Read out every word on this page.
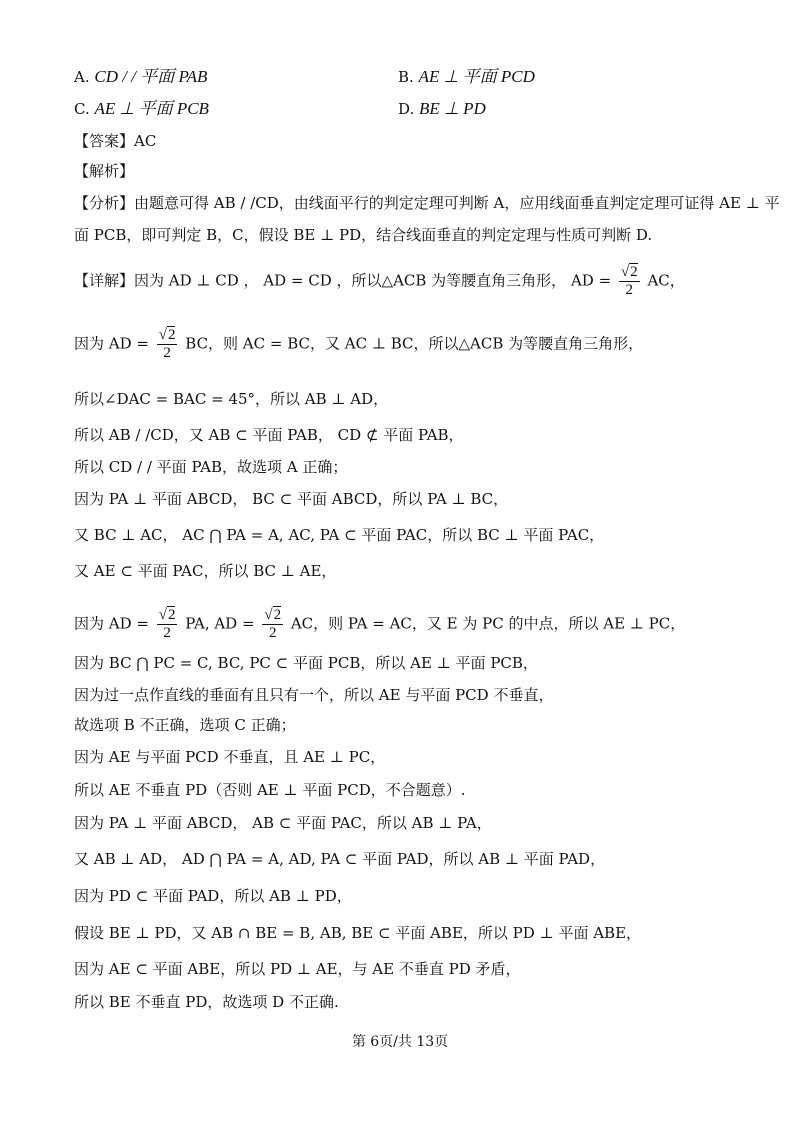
A. CD / / 平面 PAB	B. AE ⊥ 平面 PCD
C. AE ⊥ 平面 PCB	D. BE ⊥ PD
【答案】AC
【解析】
【分析】由题意可得 AB / /CD，由线面平行的判定定理可判断 A，应用线面垂直判定定理可证得 AE ⊥ 平
面 PCB，即可判定 B，C，假设 BE ⊥ PD，结合线面垂直的判定定理与性质可判断 D.
【详解】因为 AD ⊥ CD ， AD = CD ，所以△ACB 为等腰直角三角形， AD = $\frac{√2}{2}$ AC，
因为 AD = $\frac{√2}{2}$ BC，则 AC = BC，又 AC ⊥ BC，所以△ACB 为等腰直角三角形，
所以∠DAC = BAC = 45°，所以 AB ⊥ AD，
所以 AB / /CD，又 AB ⊂ 平面 PAB， CD ⊄ 平面 PAB，
所以 CD / / 平面 PAB，故选项 A 正确；
因为 PA ⊥ 平面 ABCD， BC ⊂ 平面 ABCD，所以 PA ⊥ BC，
又 BC ⊥ AC， AC ⋂ PA = A, AC, PA ⊂ 平面 PAC，所以 BC ⊥ 平面 PAC，
又 AE ⊂ 平面 PAC，所以 BC ⊥ AE，
因为 AD = $\frac{√2}{2}$ PA, AD = $\frac{√2}{2}$ AC，则 PA = AC，又 E 为 PC 的中点，所以 AE ⊥ PC，
因为 BC ⋂ PC = C, BC, PC ⊂ 平面 PCB，所以 AE ⊥ 平面 PCB，
因为过一点作直线的垂面有且只有一个，所以 AE 与平面 PCD 不垂直，
故选项 B 不正确，选项 C 正确；
因为 AE 与平面 PCD 不垂直，且 AE ⊥ PC，
所以 AE 不垂直 PD（否则 AE ⊥ 平面 PCD，不合题意）.
因为 PA ⊥ 平面 ABCD， AB ⊂ 平面 PAC，所以 AB ⊥ PA，
又 AB ⊥ AD， AD ⋂ PA = A, AD, PA ⊂ 平面 PAD，所以 AB ⊥ 平面 PAD，
因为 PD ⊂ 平面 PAD，所以 AB ⊥ PD，
假设 BE ⊥ PD，又 AB ∩ BE = B, AB, BE ⊂ 平面 ABE，所以 PD ⊥ 平面 ABE，
因为 AE ⊂ 平面 ABE，所以 PD ⊥ AE，与 AE 不垂直 PD 矛盾，
所以 BE 不垂直 PD，故选项 D 不正确.
第 6页/共 13页
